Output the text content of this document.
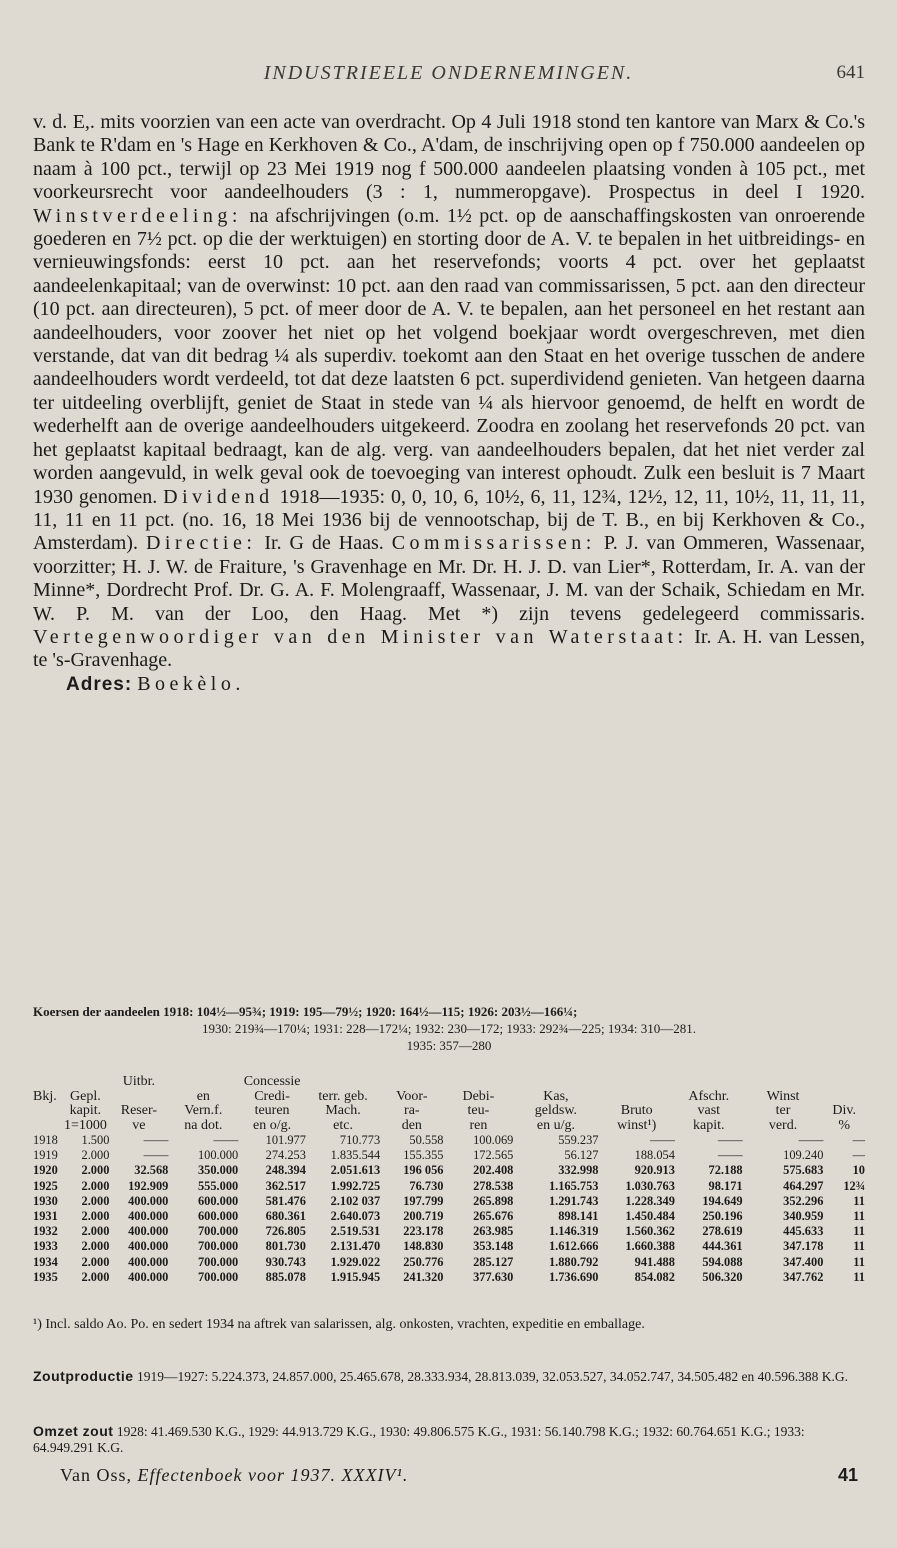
INDUSTRIEELE ONDERNEMINGEN.	641

v. d. E,. mits voorzien van een acte van overdracht. Op 4 Juli 1918 stond ten kantore van Marx & Co.'s Bank te R'dam en 's Hage en Kerkhoven & Co., A'dam, de inschrijving open op f 750.000 aandeelen op naam à 100 pct., terwijl op 23 Mei 1919 nog f 500.000 aandeelen plaatsing vonden à 105 pct., met voorkeursrecht voor aandeelhouders (3 : 1, nummeropgave). Prospectus in deel I 1920. Winstverdeeling: na afschrijvingen (o.m. 1½ pct. op de aanschaffingskosten van onroerende goederen en 7½ pct. op die der werktuigen) en storting door de A. V. te bepalen in het uitbreidings- en vernieuwingsfonds: eerst 10 pct. aan het reservefonds; voorts 4 pct. over het geplaatst aandeelenkapitaal; van de overwinst: 10 pct. aan den raad van commissarissen, 5 pct. aan den directeur (10 pct. aan directeuren), 5 pct. of meer door de A. V. te bepalen, aan het personeel en het restant aan aandeelhouders, voor zoover het niet op het volgend boekjaar wordt overgeschreven, met dien verstande, dat van dit bedrag ¼ als superdiv. toekomt aan den Staat en het overige tusschen de andere aandeelhouders wordt verdeeld, tot dat deze laatsten 6 pct. superdividend genieten. Van hetgeen daarna ter uitdeeling overblijft, geniet de Staat in stede van ¼ als hiervoor genoemd, de helft en wordt de wederhelft aan de overige aandeelhouders uitgekeerd. Zoodra en zoolang het reservefonds 20 pct. van het geplaatst kapitaal bedraagt, kan de alg. verg. van aandeelhouders bepalen, dat het niet verder zal worden aangevuld, in welk geval ook de toevoeging van interest ophoudt. Zulk een besluit is 7 Maart 1930 genomen. Dividend 1918—1935: 0, 0, 10, 6, 10½, 6, 11, 12¾, 12½, 12, 11, 10½, 11, 11, 11, 11, 11 en 11 pct. (no. 16, 18 Mei 1936 bij de vennootschap, bij de T. B., en bij Kerkhoven & Co., Amsterdam). Directie: Ir. G de Haas. Commissarissen: P. J. van Ommeren, Wassenaar, voorzitter; H. J. W. de Fraiture, 's Gravenhage en Mr. Dr. H. J. D. van Lier*, Rotterdam, Ir. A. van der Minne*, Dordrecht Prof. Dr. G. A. F. Molengraaff, Wassenaar, J. M. van der Schaik, Schiedam en Mr. W. P. M. van der Loo, den Haag. Met *) zijn tevens gedelegeerd commissaris. Vertegenwoordiger van den Minister van Waterstaat: Ir. A. H. van Lessen, te 's-Gravenhage.

Adres: Boekèlo.

Koersen der aandeelen 1918: 104½—95¾; 1919: 195—79½; 1920: 164½—115; 1926: 203½—166¼;
1930: 219¾—170¼; 1931: 228—172¼; 1932: 230—172; 1933: 292¾—225; 1934: 310—281.
1935: 357—280
		Uitbr.		Concessie								
Bkj.	Gepl.		en	Credi-	terr. geb.	Voor-	Debi-	Kas,		Afschr.	Winst	
	kapit.	Reser-	Vern.f.	teuren	Mach.	ra-	teu-	geldsw.	Bruto	vast	ter	Div.
	1=1000	ve	na dot.	en o/g.	etc.	den	ren	en u/g.	winst¹)	kapit.	verd.	%
1918	1.500	——	——	101.977	710.773	50.558	100.069	559.237	——	——	——	—
1919	2.000	——	100.000	274.253	1.835.544	155.355	172.565	56.127	188.054	——	109.240	—
1920	2.000	32.568	350.000	248.394	2.051.613	196 056	202.408	332.998	920.913	72.188	575.683	10
1925	2.000	192.909	555.000	362.517	1.992.725	76.730	278.538	1.165.753	1.030.763	98.171	464.297	12¾
1930	2.000	400.000	600.000	581.476	2.102 037	197.799	265.898	1.291.743	1.228.349	194.649	352.296	11
1931	2.000	400.000	600.000	680.361	2.640.073	200.719	265.676	898.141	1.450.484	250.196	340.959	11
1932	2.000	400.000	700.000	726.805	2.519.531	223.178	263.985	1.146.319	1.560.362	278.619	445.633	11
1933	2.000	400.000	700.000	801.730	2.131.470	148.830	353.148	1.612.666	1.660.388	444.361	347.178	11
1934	2.000	400.000	700.000	930.743	1.929.022	250.776	285.127	1.880.792	941.488	594.088	347.400	11
1935	2.000	400.000	700.000	885.078	1.915.945	241.320	377.630	1.736.690	854.082	506.320	347.762	11
¹) Incl. saldo Ao. Po. en sedert 1934 na aftrek van salarissen, alg. onkosten, vrachten, expeditie en emballage.
Zoutproductie 1919—1927: 5.224.373, 24.857.000, 25.465.678, 28.333.934, 28.813.039, 32.053.527, 34.052.747, 34.505.482 en 40.596.388 K.G.
Omzet zout 1928: 41.469.530 K.G., 1929: 44.913.729 K.G., 1930: 49.806.575 K.G., 1931: 56.140.798 K.G.; 1932: 60.764.651 K.G.; 1933: 64.949.291 K.G.
Van Oss, Effectenboek voor 1937. XXXIV¹.	41
